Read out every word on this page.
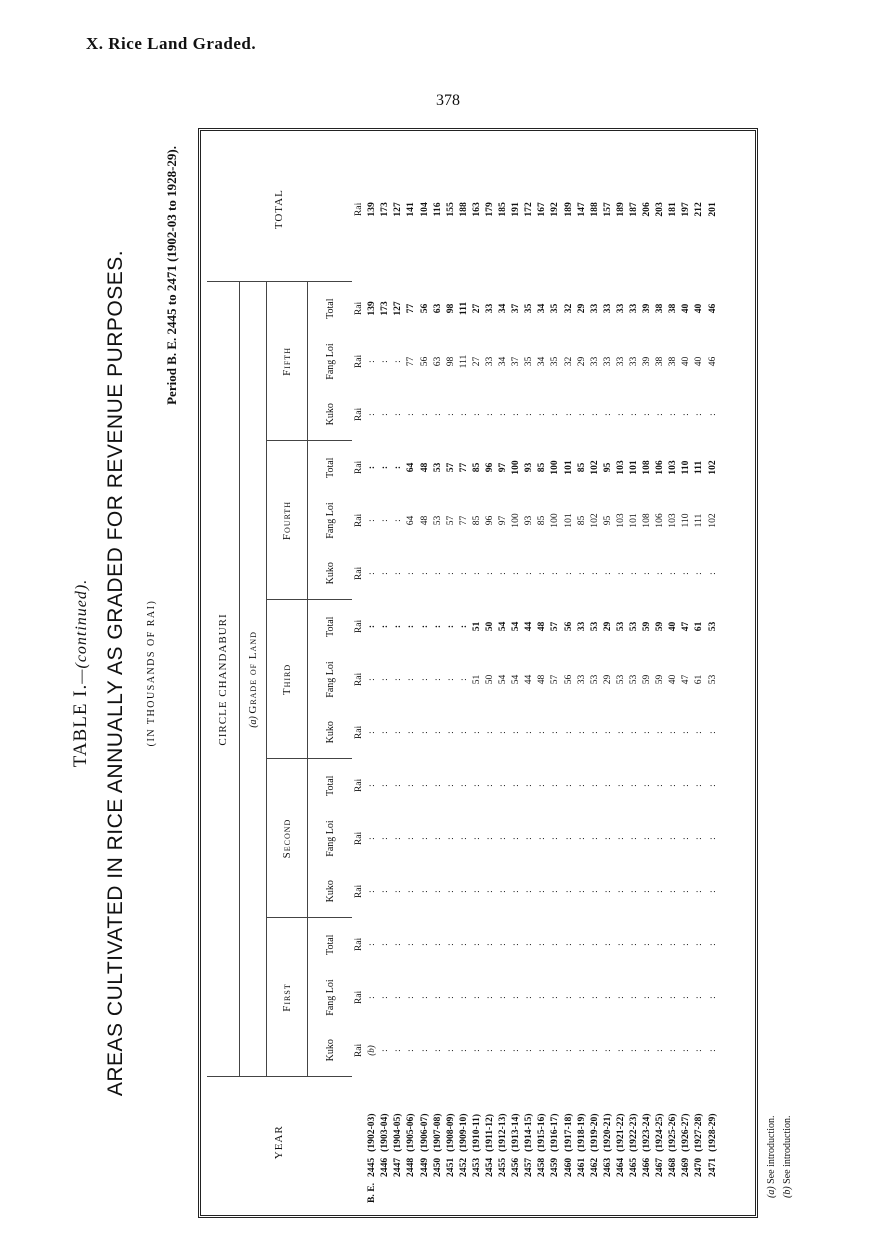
X. Rice Land Graded.
378
TABLE I.—(continued). AREAS CULTIVATED IN RICE ANNUALLY AS GRADED FOR REVENUE PURPOSES. (IN THOUSANDS OF RAI)
Period B. E. 2445 to 2471 (1902-03 to 1928-29).
YEAR	CIRCLE CHANDABURI															TOTAL
	(a) Grade of Land															
	First			Second			Third			Fourth			Fifth			
	Kuko	Fang Loi	Total	Kuko	Fang Loi	Total	Kuko	Fang Loi	Total	Kuko	Fang Loi	Total	Kuko	Fang Loi	Total	
	Rai	Rai	Rai	Rai	Rai	Rai	Rai	Rai	Rai	Rai	Rai	Rai	Rai	Rai	Rai	Rai
B. E.2445(1902-03)	(b)	:	:	:	:	:	:	:	:	:	:	:	:	:	139	139
2446(1903-04)	:	:	:	:	:	:	:	:	:	:	:	:	:	:	173	173
2447(1904-05)	:	:	:	:	:	:	:	:	:	:	:	:	:	:	127	127
2448(1905-06)	:	:	:	:	:	:	:	:	:	:	64	64	:	77	77	141
2449(1906-07)	:	:	:	:	:	:	:	:	:	:	48	48	:	56	56	104
2450(1907-08)	:	:	:	:	:	:	:	:	:	:	53	53	:	63	63	116
2451(1908-09)	:	:	:	:	:	:	:	:	:	:	57	57	:	98	98	155
2452(1909-10)	:	:	:	:	:	:	:	:	:	:	77	77	:	111	111	188
2453(1910-11)	:	:	:	:	:	:	:	51	51	:	85	85	:	27	27	163
2454(1911-12)	:	:	:	:	:	:	:	50	50	:	96	96	:	33	33	179
2455(1912-13)	:	:	:	:	:	:	:	54	54	:	97	97	:	34	34	185
2456(1913-14)	:	:	:	:	:	:	:	54	54	:	100	100	:	37	37	191
2457(1914-15)	:	:	:	:	:	:	:	44	44	:	93	93	:	35	35	172
2458(1915-16)	:	:	:	:	:	:	:	48	48	:	85	85	:	34	34	167
2459(1916-17)	:	:	:	:	:	:	:	57	57	:	100	100	:	35	35	192
2460(1917-18)	:	:	:	:	:	:	:	56	56	:	101	101	:	32	32	189
2461(1918-19)	:	:	:	:	:	:	:	33	33	:	85	85	:	29	29	147
2462(1919-20)	:	:	:	:	:	:	:	53	53	:	102	102	:	33	33	188
2463(1920-21)	:	:	:	:	:	:	:	29	29	:	95	95	:	33	33	157
2464(1921-22)	:	:	:	:	:	:	:	53	53	:	103	103	:	33	33	189
2465(1922-23)	:	:	:	:	:	:	:	53	53	:	101	101	:	33	33	187
2466(1923-24)	:	:	:	:	:	:	:	59	59	:	108	108	:	39	39	206
2467(1924-25)	:	:	:	:	:	:	:	59	59	:	106	106	:	38	38	203
2468(1925-26)	:	:	:	:	:	:	:	40	40	:	103	103	:	38	38	181
2469(1926-27)	:	:	:	:	:	:	:	47	47	:	110	110	:	40	40	197
2470(1927-28)	:	:	:	:	:	:	:	61	61	:	111	111	:	40	40	212
2471(1928-29)	:	:	:	:	:	:	:	53	53	:	102	102	:	46	46	201
(a) See introduction.
(b) See introduction.
